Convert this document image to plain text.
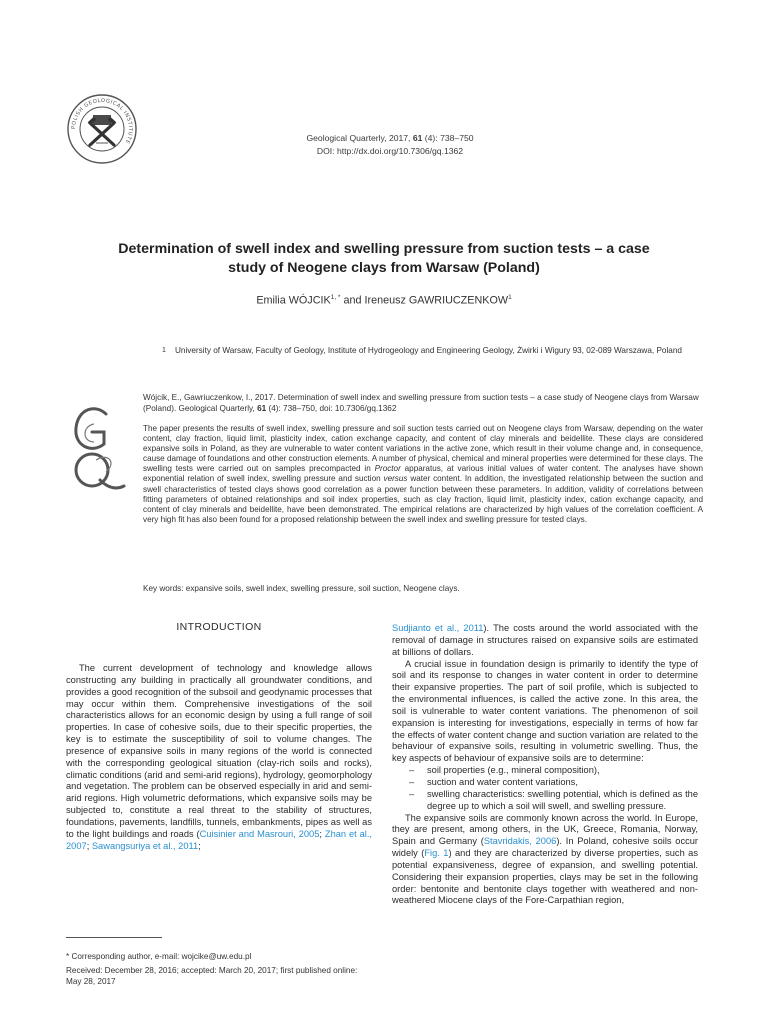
POLISH GEOLOGICAL INSTITUTE	Geological Quarterly, 2017, 61 (4): 738–750
DOI: http://dx.doi.org/10.7306/gq.1362
Determination of swell index and swelling pressure from suction tests – a case study of Neogene clays from Warsaw (Poland)
Emilia $WÓJCIK^{1, *}$ and Ireneusz GAWRIUCZENKOW$^1$
1 University of Warsaw, Faculty of Geology, Institute of Hydrogeology and Engineering Geology, Żwirki i Wigury 93, 02-089 Warszawa, Poland
Wójcik, E., Gawriuczenkow, I., 2017. Determination of swell index and swelling pressure from suction tests – a case study of Neogene clays from Warsaw (Poland). Geological Quarterly, 61 (4): 738–750, doi: 10.7306/gq.1362
The paper presents the results of swell index, swelling pressure and soil suction tests carried out on Neogene clays from Warsaw, depending on the water content, clay fraction, liquid limit, plasticity index, cation exchange capacity, and content of clay minerals and beidellite. These clays are considered expansive soils in Poland, as they are vulnerable to water content variations in the active zone, which result in their volume change and, in consequence, cause damage of foundations and other construction elements. A number of physical, chemical and mineral properties were determined for these clays. The swelling tests were carried out on samples precompacted in Proctor apparatus, at various initial values of water content. The analyses have shown exponential relation of swell index, swelling pressure and suction versus water content. In addition, the investigated relationship between the suction and swell characteristics of tested clays shows good correlation as a power function between these parameters. In addition, validity of correlations between fitting parameters of obtained relationships and soil index properties, such as clay fraction, liquid limit, plasticity index, cation exchange capacity, and content of clay minerals and beidellite, have been demonstrated. The empirical relations are characterized by high values of the correlation coefficient. A very high fit has also been found for a proposed relationship between the swell index and swelling pressure for tested clays.
Key words: expansive soils, swell index, swelling pressure, soil suction, Neogene clays.
INTRODUCTION

The current development of technology and knowledge allows constructing any building in practically all groundwater conditions, and provides a good recognition of the subsoil and geodynamic processes that may occur within them. Comprehensive investigations of the soil characteristics allows for an economic design by using a full range of soil properties. In case of cohesive soils, due to their specific properties, the key is to estimate the susceptibility of soil to volume changes. The presence of expansive soils in many regions of the world is connected with the corresponding geological situation (clay-rich soils and rocks), climatic conditions (arid and semi-arid regions), hydrology, geomorphology and vegetation. The problem can be observed especially in arid and semi-arid regions. High volumetric deformations, which expansive soils may be subjected to, constitute a real threat to the stability of structures, foundations, pavements, landfills, tunnels, embankments, pipes as well as to the light buildings and roads (Cuisinier and Masrouri, 2005; Zhan et al., 2007; Sawangsuriya et al., 2011;

* Corresponding author, e-mail: wojcike@uw.edu.pl
Received: December 28, 2016; accepted: March 20, 2017; first published online: May 28, 2017

Sudjianto et al., 2011). The costs around the world associated with the removal of damage in structures raised on expansive soils are estimated at billions of dollars.

A crucial issue in foundation design is primarily to identify the type of soil and its response to changes in water content in order to determine their expansive properties. The part of soil profile, which is subjected to the environmental influences, is called the active zone. In this area, the soil is vulnerable to water content variations. The phenomenon of soil expansion is interesting for investigations, especially in terms of how far the effects of water content change and suction variation are related to the behaviour of expansive soils, resulting in volumetric swelling. Thus, the key aspects of behaviour of expansive soils are to determine:

– soil properties (e.g., mineral composition),
– suction and water content variations,
– swelling characteristics: swelling potential, which is defined as the degree up to which a soil will swell, and swelling pressure.

The expansive soils are commonly known across the world. In Europe, they are present, among others, in the UK, Greece, Romania, Norway, Spain and Germany (Stavridakis, 2006). In Poland, cohesive soils occur widely (Fig. 1) and they are characterized by diverse properties, such as potential expansiveness, degree of expansion, and swelling potential. Considering their expansion properties, clays may be set in the following order: bentonite and bentonite clays together with weathered and non-weathered Miocene clays of the Fore-Carpathian region,
